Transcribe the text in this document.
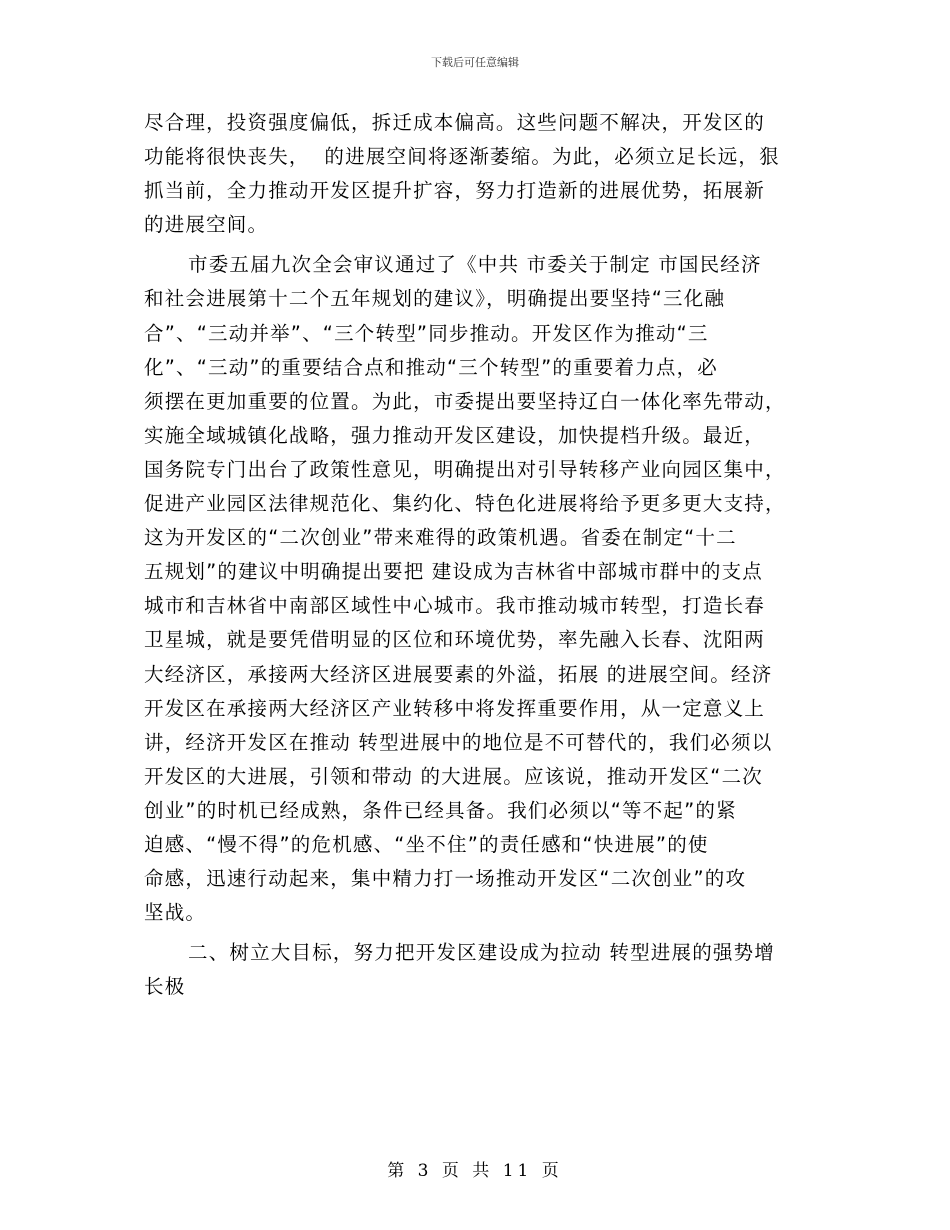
下载后可任意编辑
尽合理，投资强度偏低，拆迁成本偏高。这些问题不解决，开发区的
功能将很快丧失，  的进展空间将逐渐萎缩。为此，必须立足长远，狠
抓当前，全力推动开发区提升扩容，努力打造新的进展优势，拓展新
的进展空间。
市委五届九次全会审议通过了《中共 市委关于制定 市国民经济
和社会进展第十二个五年规划的建议》，明确提出要坚持“三化融
合”、“三动并举”、“三个转型”同步推动。开发区作为推动“三
化”、“三动”的重要结合点和推动“三个转型”的重要着力点，必
须摆在更加重要的位置。为此，市委提出要坚持辽白一体化率先带动，
实施全域城镇化战略，强力推动开发区建设，加快提档升级。最近，
国务院专门出台了政策性意见，明确提出对引导转移产业向园区集中，
促进产业园区法律规范化、集约化、特色化进展将给予更多更大支持，
这为开发区的“二次创业”带来难得的政策机遇。省委在制定“十二
五规划”的建议中明确提出要把 建设成为吉林省中部城市群中的支点
城市和吉林省中南部区域性中心城市。我市推动城市转型，打造长春
卫星城，就是要凭借明显的区位和环境优势，率先融入长春、沈阳两
大经济区，承接两大经济区进展要素的外溢，拓展 的进展空间。经济
开发区在承接两大经济区产业转移中将发挥重要作用，从一定意义上
讲，经济开发区在推动 转型进展中的地位是不可替代的，我们必须以
开发区的大进展，引领和带动 的大进展。应该说，推动开发区“二次
创业”的时机已经成熟，条件已经具备。我们必须以“等不起”的紧
迫感、“慢不得”的危机感、“坐不住”的责任感和“快进展”的使
命感，迅速行动起来，集中精力打一场推动开发区“二次创业”的攻
坚战。
二、树立大目标，努力把开发区建设成为拉动 转型进展的强势增
长极
第 3 页 共 11 页
